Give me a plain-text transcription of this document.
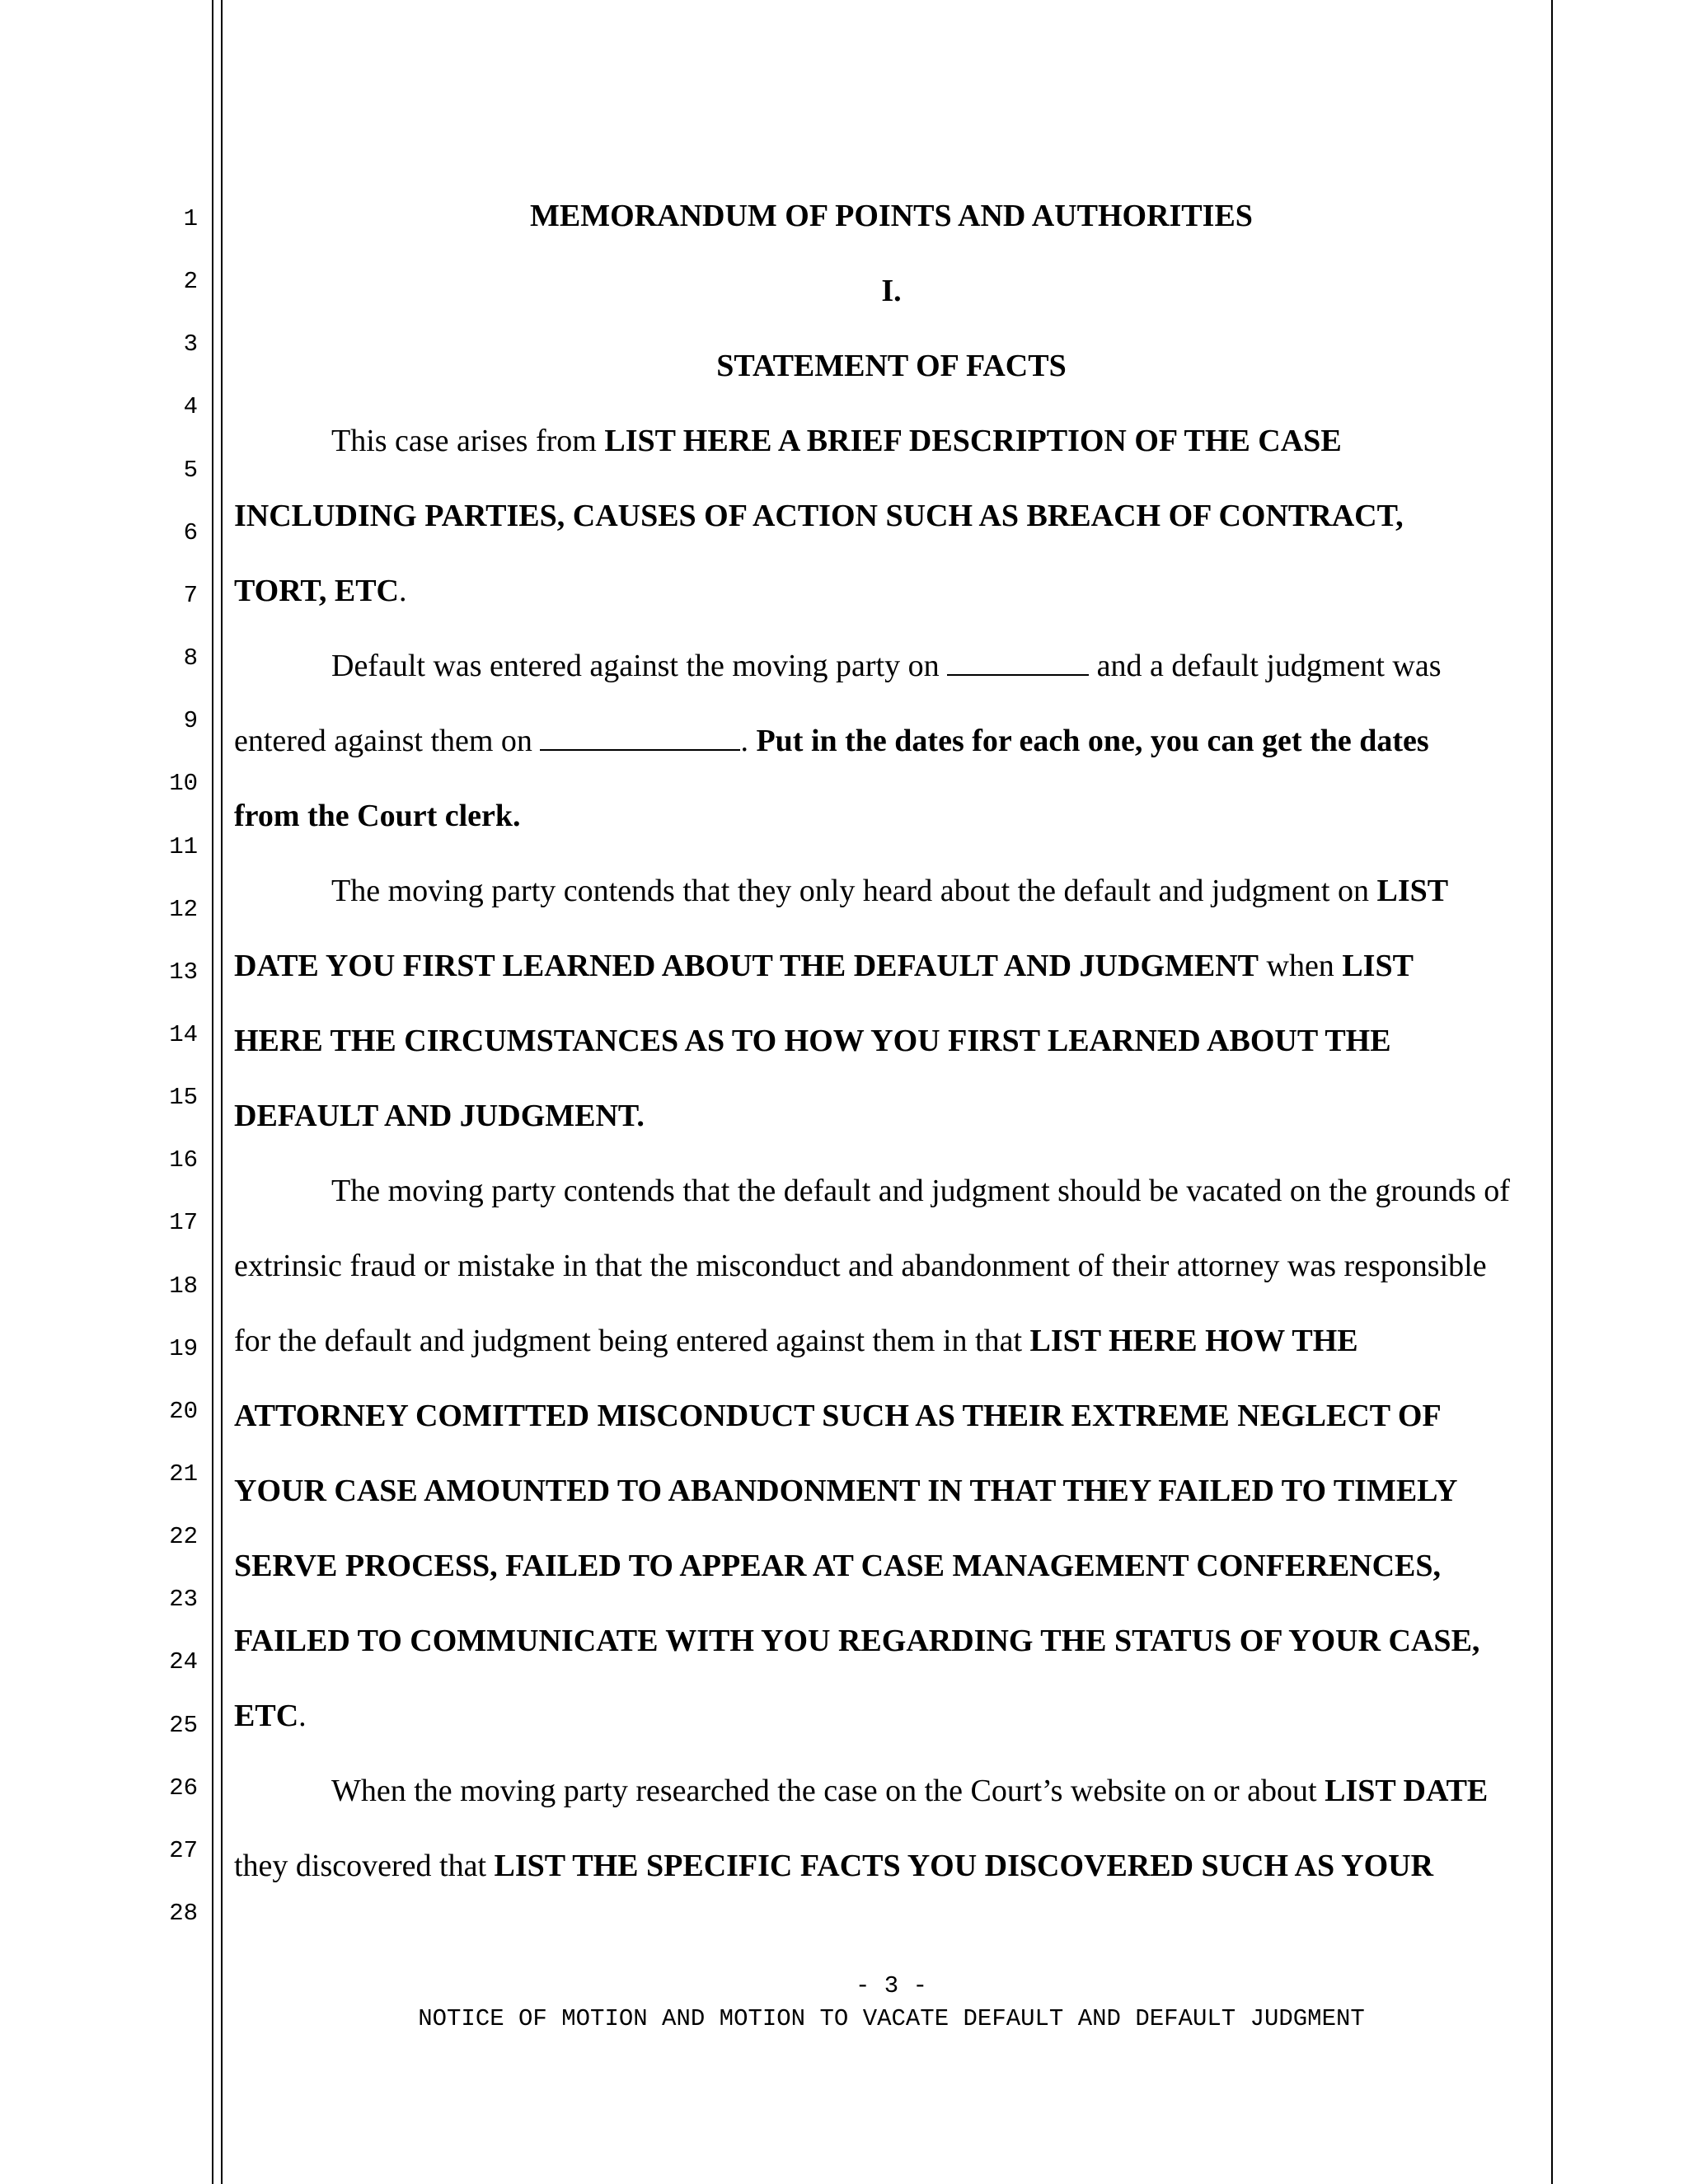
1
2
3
4
5
6
7
8
9
10
11
12
13
14
15
16
17
18
19
20
21
22
23
24
25
26
27
28
MEMORANDUM OF POINTS AND AUTHORITIES
I.
STATEMENT OF FACTS
This case arises from LIST HERE A BRIEF DESCRIPTION OF THE CASE
INCLUDING PARTIES, CAUSES OF ACTION SUCH AS BREACH OF CONTRACT,
TORT, ETC.
Default was entered against the moving party on	and a default judgment was
entered against them on	. Put in the dates for each one, you can get the dates
from the Court clerk.
The moving party contends that they only heard about the default and judgment on LIST
DATE YOU FIRST LEARNED ABOUT THE DEFAULT AND JUDGMENT when LIST
HERE THE CIRCUMSTANCES AS TO HOW YOU FIRST LEARNED ABOUT THE
DEFAULT AND JUDGMENT.
The moving party contends that the default and judgment should be vacated on the grounds of
extrinsic fraud or mistake in that the misconduct and abandonment of their attorney was responsible
for the default and judgment being entered against them in that LIST HERE HOW THE
ATTORNEY COMITTED MISCONDUCT SUCH AS THEIR EXTREME NEGLECT OF
YOUR CASE AMOUNTED TO ABANDONMENT IN THAT THEY FAILED TO TIMELY
SERVE PROCESS, FAILED TO APPEAR AT CASE MANAGEMENT CONFERENCES,
FAILED TO COMMUNICATE WITH YOU REGARDING THE STATUS OF YOUR CASE,
ETC.
When the moving party researched the case on the Court’s website on or about LIST DATE
they discovered that LIST THE SPECIFIC FACTS YOU DISCOVERED SUCH AS YOUR
- 3 -
NOTICE OF MOTION AND MOTION TO VACATE DEFAULT AND DEFAULT JUDGMENT
